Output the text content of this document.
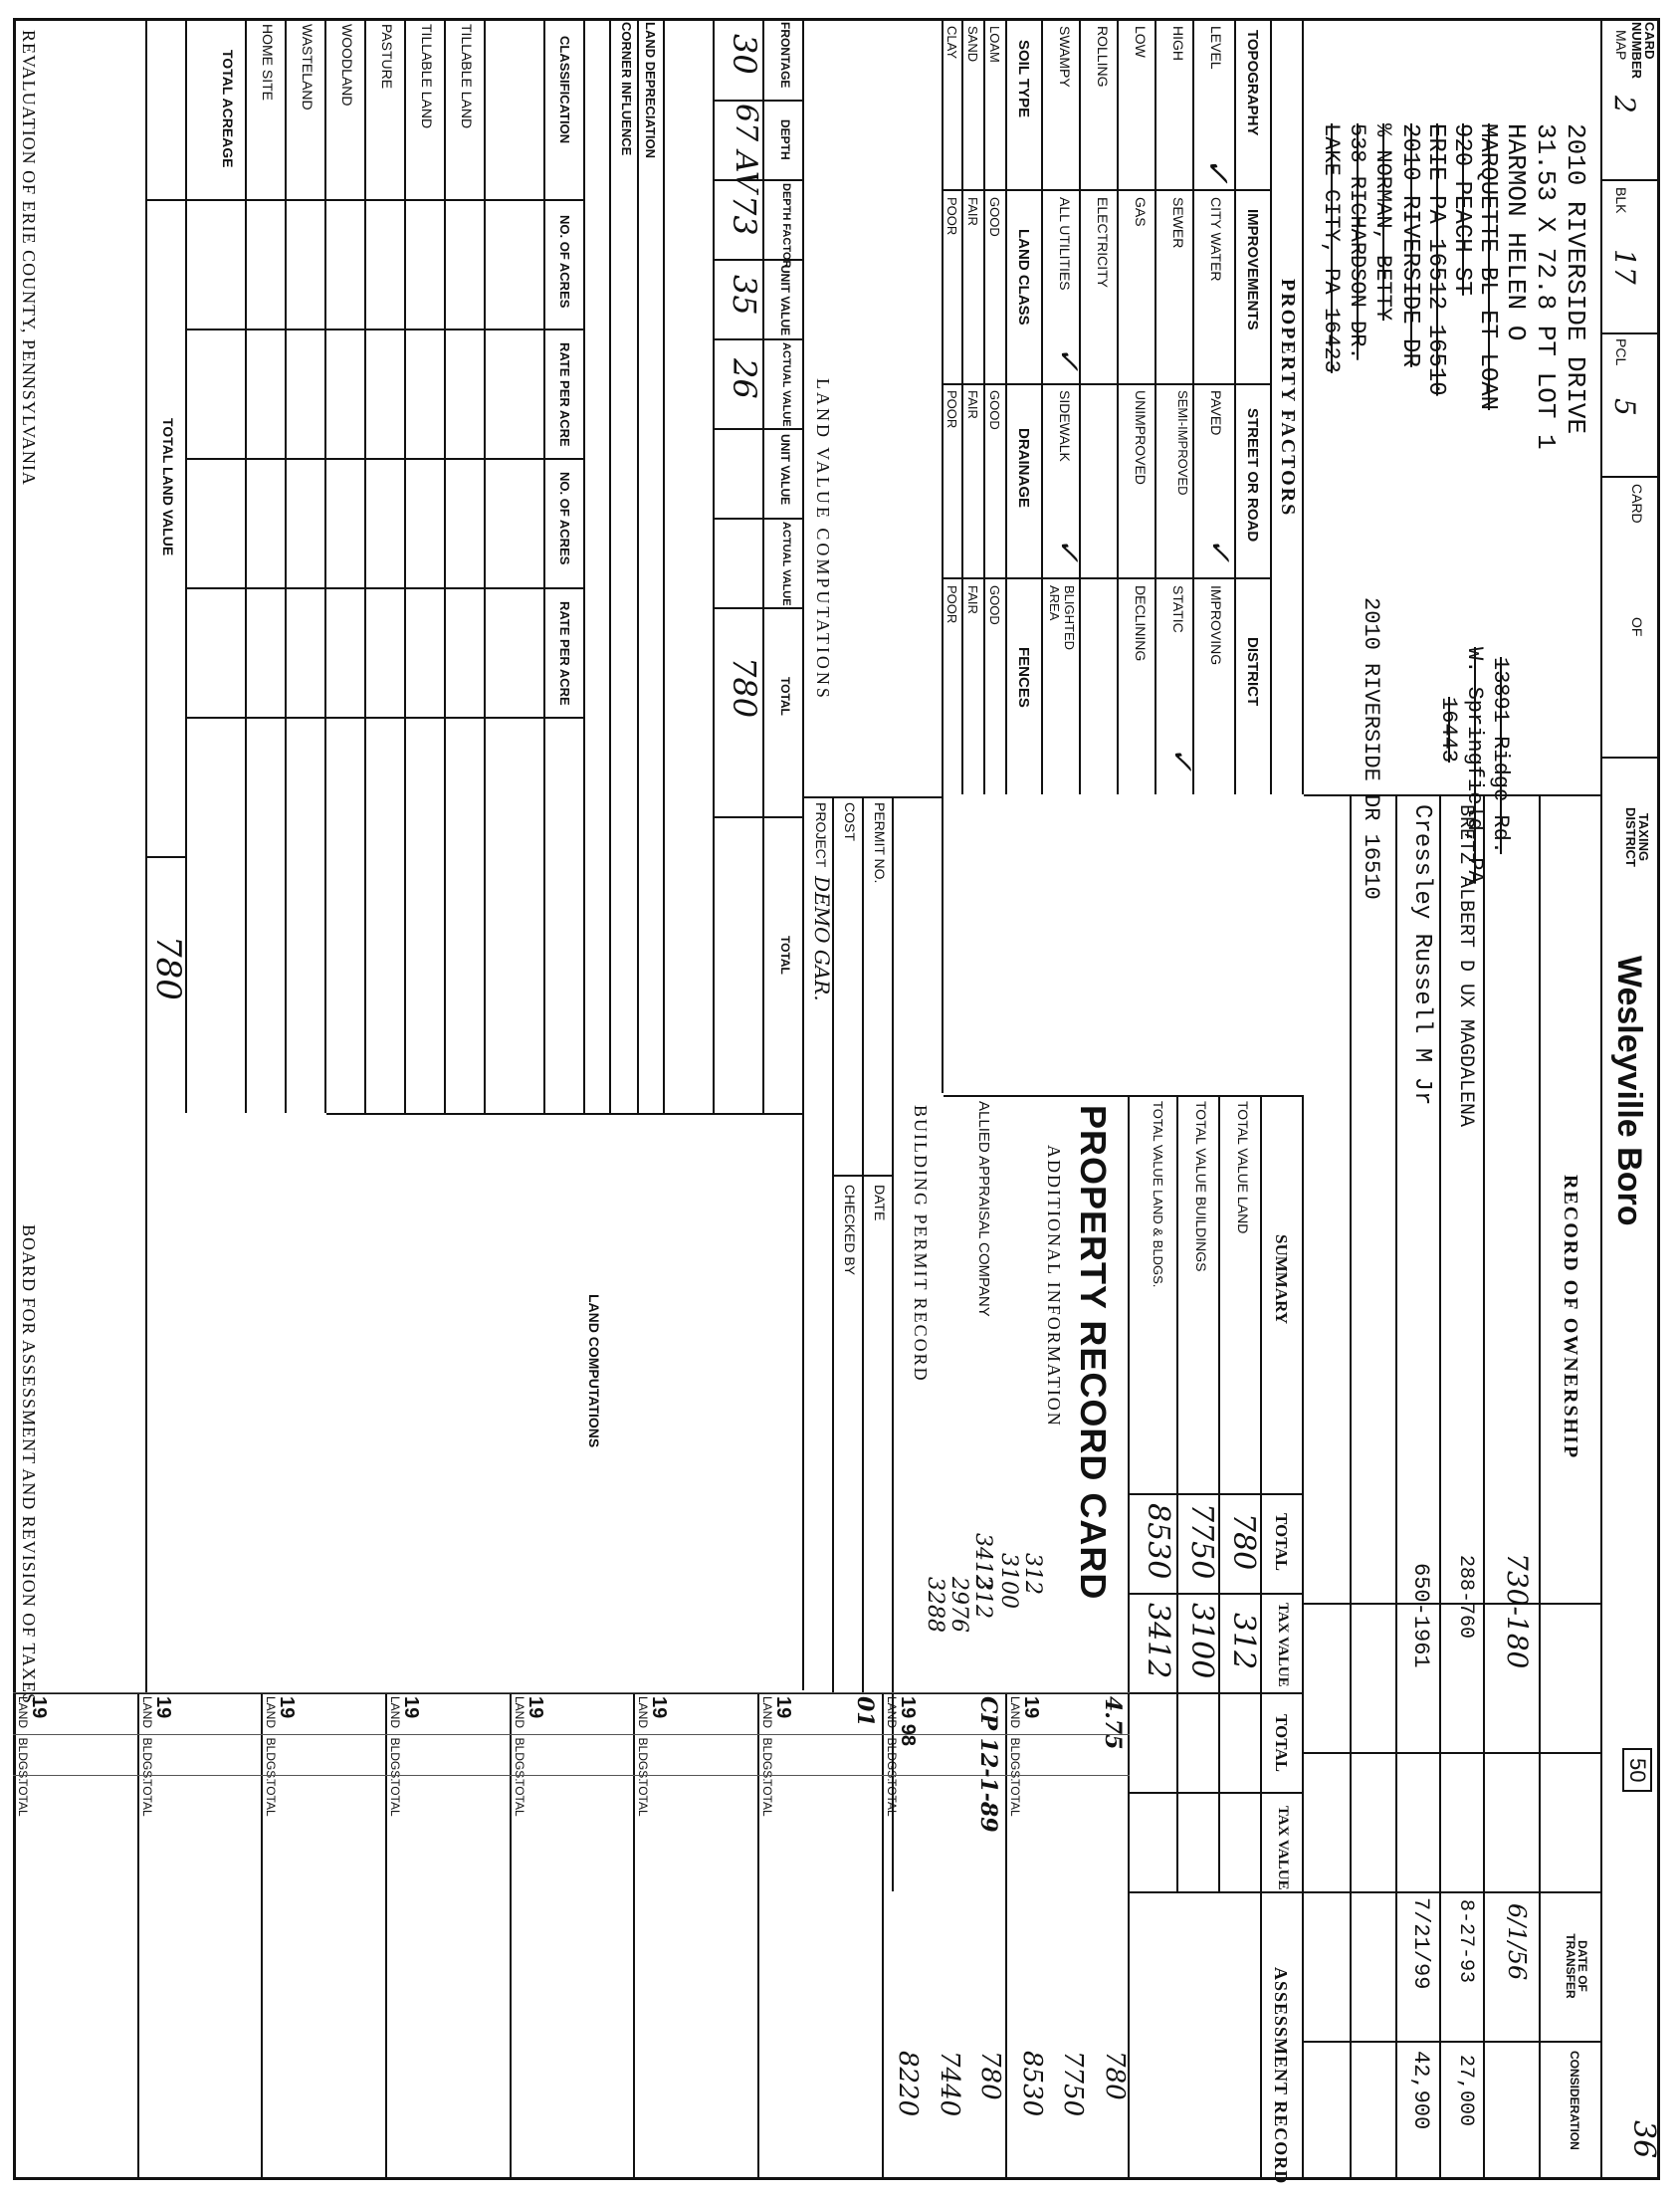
CARD NUMBER
MAP
2
BLK
17
PCL
5
CARD
OF
TAXING DISTRICT
Wesleyville Boro
50
36
2010 RIVERSIDE DRIVE
31.53 X 72.8 PT LOT 1
HARMON HELEN O
MARQUETTE BL ET LOAN
920 PEACH ST
ERIE PA 16512 16510
2010 RIVERSIDE DR
% NORMAN, BETTY
538 RICHARDSON DR.
LAKE CITY, PA 16423
13891 Ridge Rd.
W. Springfield, PA
16443
2010 RIVERSIDE DR 16510
RECORD OF OWNERSHIP
DATE OF TRANSFER
CONSIDERATION
730-180
6/1/56
BRETZ ALBERT D UX MAGDALENA
288-760
8-27-93
27,000
Cressley Russell M Jr
650-1961
7/21/99
42,900
PROPERTY FACTORS
TOPOGRAPHY
IMPROVEMENTS
STREET OR ROAD
DISTRICT
LEVEL
HIGH
LOW
ROLLING
SWAMPY
✓
CITY WATER
SEWER
GAS
ELECTRICITY
ALL UTILITIES
✓
PAVED
SEMI-IMPROVED
UNIMPROVED
SIDEWALK
✓
✓
IMPROVING
STATIC
DECLINING
BLIGHTED AREA
✓
SOIL TYPE
LAND CLASS
DRAINAGE
FENCES
LOAM
SAND
CLAY
GOOD
FAIR
POOR
GOOD
FAIR
POOR
GOOD
FAIR
POOR
SUMMARY
TOTAL
TAX VALUE
TOTAL
TAX VALUE
ASSESSMENT RECORD
TOTAL VALUE LAND
780
312
TOTAL VALUE BUILDINGS
7750
3100
TOTAL VALUE LAND & BLDGS.
8530
3412
PROPERTY RECORD CARD
ADDITIONAL INFORMATION
ALLIED APPRAISAL COMPANY
312
3100
3412
312
2976
3288
BUILDING PERMIT RECORD
PERMIT NO.
DATE
COST
CHECKED BY
PROJECT
DEMO GAR.
LAND VALUE COMPUTATIONS
FRONTAGE
DEPTH
DEPTH FACTOR
UNIT VALUE
ACTUAL VALUE
UNIT VALUE
ACTUAL VALUE
TOTAL
TOTAL
30
67 AV
73
35
26
780
LAND DEPRECIATION
CORNER INFLUENCE
LAND COMPUTATIONS
CLASSIFICATION
NO. OF ACRES
RATE PER ACRE
NO. OF ACRES
RATE PER ACRE
TILLABLE LAND
TILLABLE LAND
PASTURE
WOODLAND
WASTELAND
HOME SITE
TOTAL ACREAGE
TOTAL LAND VALUE
780
19
LAND
780
BLDGS.
7750
TOTAL
8530
4.75
19 98
LAND
780
BLDGS.
7440
TOTAL
8220
CP 12-1-89
19
LAND
BLDGS.
TOTAL
01
19
LAND
BLDGS.
TOTAL
19
LAND
BLDGS.
TOTAL
19
LAND
BLDGS.
TOTAL
19
LAND
BLDGS.
TOTAL
19
LAND
BLDGS.
TOTAL
19
LAND
BLDGS.
TOTAL
REVALUATION OF ERIE COUNTY, PENNSYLVANIA
BOARD FOR ASSESSMENT AND REVISION OF TAXES
